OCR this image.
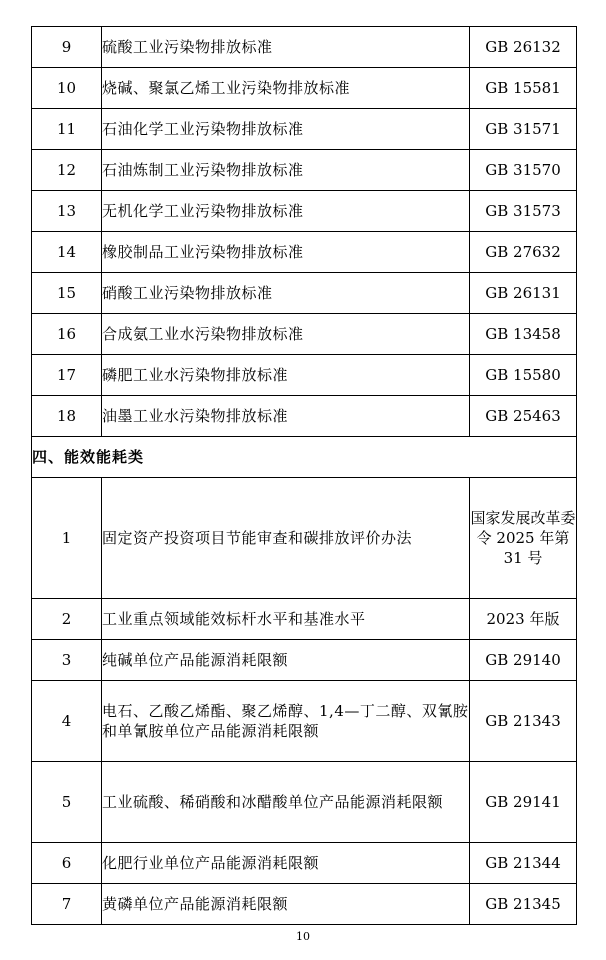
9	硫酸工业污染物排放标准	GB 26132
10	烧碱、聚氯乙烯工业污染物排放标准	GB 15581
11	石油化学工业污染物排放标准	GB 31571
12	石油炼制工业污染物排放标准	GB 31570
13	无机化学工业污染物排放标准	GB 31573
14	橡胶制品工业污染物排放标准	GB 27632
15	硝酸工业污染物排放标准	GB 26131
16	合成氨工业水污染物排放标准	GB 13458
17	磷肥工业水污染物排放标准	GB 15580
18	油墨工业水污染物排放标准	GB 25463
四、能效能耗类		
1	固定资产投资项目节能审查和碳排放评价办法	国家发展改革委令 2025 年第 31 号
2	工业重点领域能效标杆水平和基准水平	2023 年版
3	纯碱单位产品能源消耗限额	GB 29140
4	电石、乙酸乙烯酯、聚乙烯醇、1,4—丁二醇、双氰胺和单氰胺单位产品能源消耗限额	GB 21343
5	工业硫酸、稀硝酸和冰醋酸单位产品能源消耗限额	GB 29141
6	化肥行业单位产品能源消耗限额	GB 21344
7	黄磷单位产品能源消耗限额	GB 21345
10
